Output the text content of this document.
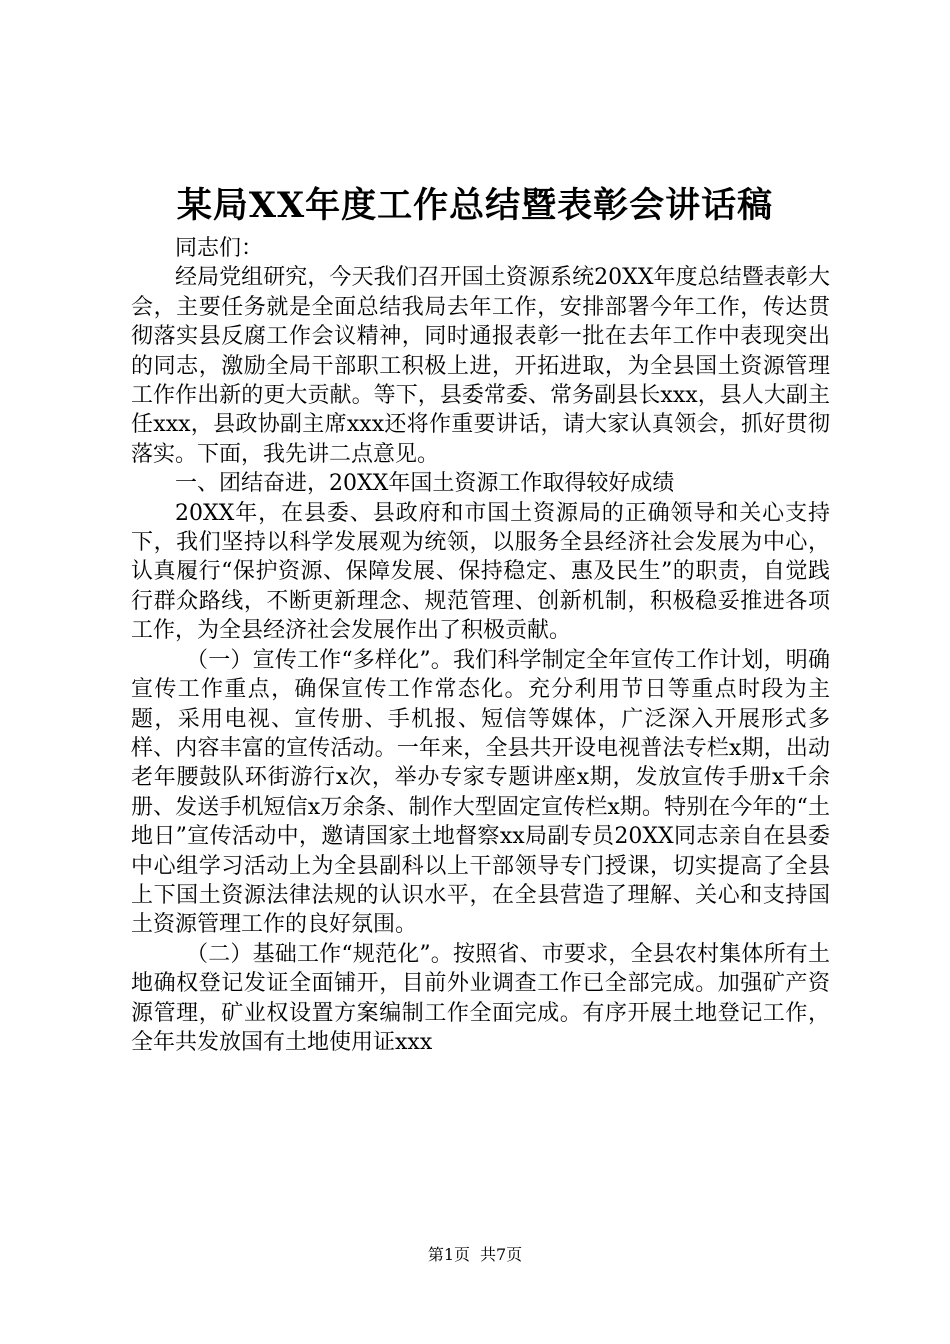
某局XX年度工作总结暨表彰会讲话稿

同志们：

经局党组研究，今天我们召开国土资源系统20XX年度总结暨表彰大会，主要任务就是全面总结我局去年工作，安排部署今年工作，传达贯彻落实县反腐工作会议精神，同时通报表彰一批在去年工作中表现突出的同志，激励全局干部职工积极上进，开拓进取，为全县国土资源管理工作作出新的更大贡献。等下，县委常委、常务副县长xxx，县人大副主任xxx，县政协副主席xxx还将作重要讲话，请大家认真领会，抓好贯彻落实。下面，我先讲二点意见。

一、团结奋进，20XX年国土资源工作取得较好成绩

20XX年，在县委、县政府和市国土资源局的正确领导和关心支持下，我们坚持以科学发展观为统领，以服务全县经济社会发展为中心，认真履行“保护资源、保障发展、保持稳定、惠及民生”的职责，自觉践行群众路线，不断更新理念、规范管理、创新机制，积极稳妥推进各项工作，为全县经济社会发展作出了积极贡献。

（一）宣传工作“多样化”。我们科学制定全年宣传工作计划，明确宣传工作重点，确保宣传工作常态化。充分利用节日等重点时段为主题，采用电视、宣传册、手机报、短信等媒体，广泛深入开展形式多样、内容丰富的宣传活动。一年来，全县共开设电视普法专栏x期，出动老年腰鼓队环街游行x次，举办专家专题讲座x期，发放宣传手册x千余册、发送手机短信x万余条、制作大型固定宣传栏x期。特别在今年的“土地日”宣传活动中，邀请国家土地督察xx局副专员20XX同志亲自在县委中心组学习活动上为全县副科以上干部领导专门授课，切实提高了全县上下国土资源法律法规的认识水平，在全县营造了理解、关心和支持国土资源管理工作的良好氛围。

（二）基础工作“规范化”。按照省、市要求，全县农村集体所有土地确权登记发证全面铺开，目前外业调查工作已全部完成。加强矿产资源管理，矿业权设置方案编制工作全面完成。有序开展土地登记工作，全年共发放国有土地使用证xxx

第1页 共7页
